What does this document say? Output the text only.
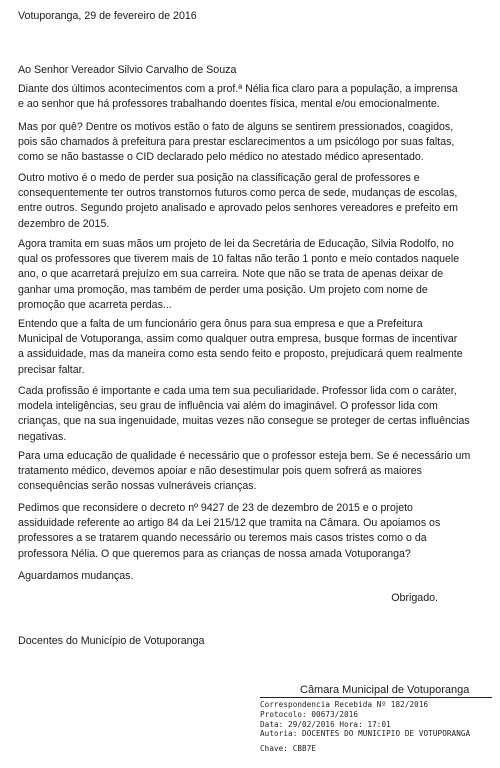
Votuporanga, 29 de fevereiro de 2016

Ao Senhor Vereador Silvio Carvalho de Souza

Diante dos últimos acontecimentos com a prof.ª Nélia fica claro para a população, a imprensa
e ao senhor que há professores trabalhando doentes física, mental e/ou emocionalmente.
Mas por quê? Dentre os motivos estão o fato de alguns se sentirem pressionados, coagidos,
pois são chamados à prefeitura para prestar esclarecimentos a um psicólogo por suas faltas,
como se não bastasse o CID declarado pelo médico no atestado médico apresentado.
Outro motivo é o medo de perder sua posição na classificação geral de professores e
consequentemente ter outros transtornos futuros como perca de sede, mudanças de escolas,
entre outros. Segundo projeto analisado e aprovado pelos senhores vereadores e prefeito em
dezembro de 2015.
Agora tramita em suas mãos um projeto de lei da Secretária de Educação, Silvia Rodolfo, no
qual os professores que tiverem mais de 10 faltas não terão 1 ponto e meio contados naquele
ano, o que acarretará prejuízo em sua carreira. Note que não se trata de apenas deixar de
ganhar uma promoção, mas também de perder uma posição. Um projeto com nome de
promoção que acarreta perdas...
Entendo que a falta de um funcionário gera ônus para sua empresa e que a Prefeitura
Municipal de Votuporanga, assim como qualquer outra empresa, busque formas de incentivar
a assiduidade, mas da maneira como esta sendo feito e proposto, prejudicará quem realmente
precisar faltar.
Cada profissão é importante e cada uma tem sua peculiaridade. Professor lida com o caráter,
modela inteligências, seu grau de influência vai além do imaginável. O professor lida com
crianças, que na sua ingenuidade, muitas vezes não consegue se proteger de certas influências
negativas.
Para uma educação de qualidade é necessário que o professor esteja bem. Se é necessário um
tratamento médico, devemos apoiar e não desestimular pois quem sofrerá as maiores
consequências serão nossas vulneráveis crianças.
Pedimos que reconsidere o decreto nº 9427 de 23 de dezembro de 2015 e o projeto
assiduidade referente ao artigo 84 da Lei 215/12 que tramita na Câmara. Ou apoiamos os
professores a se tratarem quando necessário ou teremos mais casos tristes como o da
professora Nélia. O que queremos para as crianças de nossa amada Votuporanga?

Aguardamos mudanças.

Obrigado.

Docentes do Município de Votuporanga

Câmara Municipal de Votuporanga
Correspondencia Recebida Nº 182/2016
Protocolo: 00673/2016
Data: 29/02/2016 Hora: 17:01
Autoria: DOCENTES DO MUNICIPIO DE VOTUPORANGA
Chave: CBB7E
